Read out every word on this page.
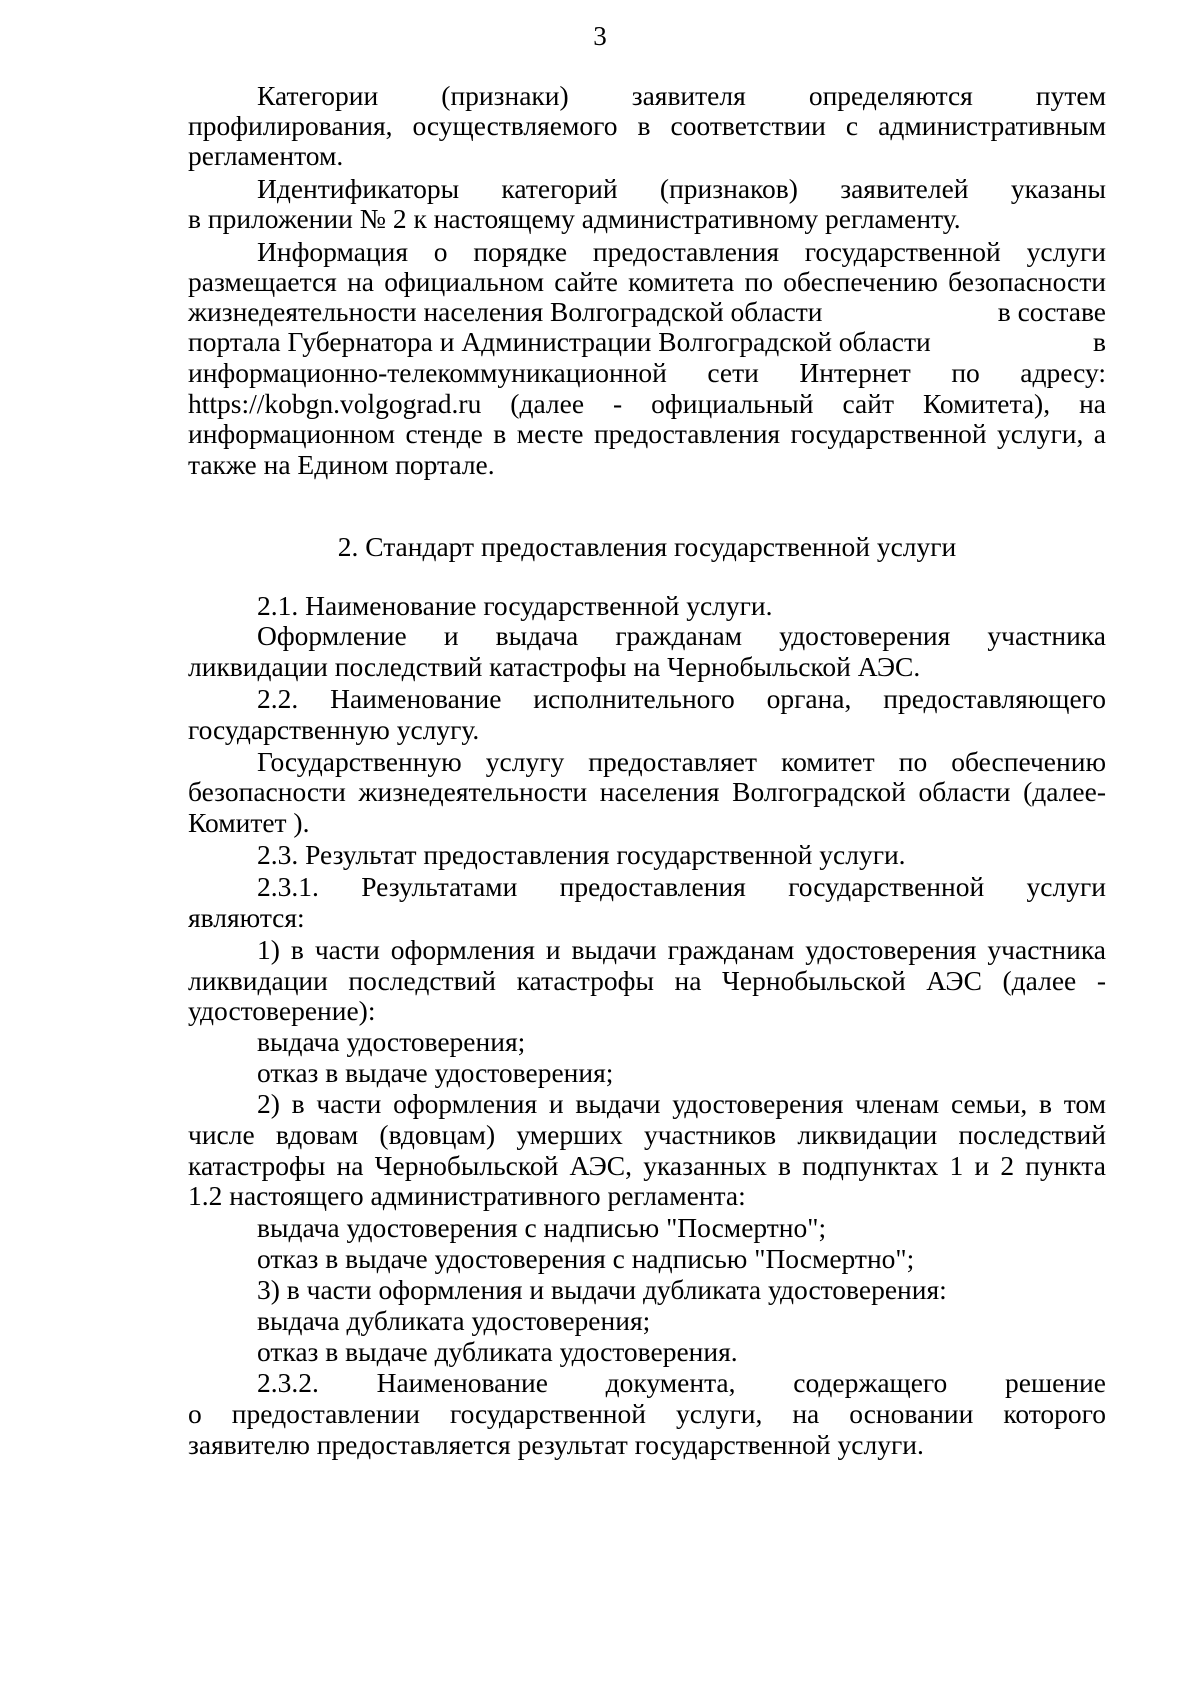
3
Категории (признаки) заявителя определяются путем
профилирования, осуществляемого в соответствии с административным
регламентом.
Идентификаторы категорий (признаков) заявителей указаны
в приложении № 2 к настоящему административному регламенту.
Информация о порядке предоставления государственной услуги
размещается на официальном сайте комитета по обеспечению безопасности
жизнедеятельности населения Волгоградской области	в составе
портала Губернатора и Администрации Волгоградской области	в
информационно-телекоммуникационной сети Интернет по адресу:
https://kobgn.volgograd.ru (далее - официальный сайт Комитета), на
информационном стенде в месте предоставления государственной услуги, а
также на Едином портале.
2. Стандарт предоставления государственной услуги
2.1. Наименование государственной услуги.
Оформление и выдача гражданам удостоверения участника
ликвидации последствий катастрофы на Чернобыльской АЭС.
2.2. Наименование исполнительного органа, предоставляющего
государственную услугу.
Государственную услугу предоставляет комитет по обеспечению
безопасности жизнедеятельности населения Волгоградской области (далее-
Комитет ).
2.3. Результат предоставления государственной услуги.
2.3.1. Результатами предоставления государственной услуги
являются:
1) в части оформления и выдачи гражданам удостоверения участника
ликвидации последствий катастрофы на Чернобыльской АЭС (далее -
удостоверение):
выдача удостоверения;
отказ в выдаче удостоверения;
2) в части оформления и выдачи удостоверения членам семьи, в том
числе вдовам (вдовцам) умерших участников ликвидации последствий
катастрофы на Чернобыльской АЭС, указанных в подпунктах 1 и 2 пункта
1.2 настоящего административного регламента:
выдача удостоверения с надписью "Посмертно";
отказ в выдаче удостоверения с надписью "Посмертно";
3) в части оформления и выдачи дубликата удостоверения:
выдача дубликата удостоверения;
отказ в выдаче дубликата удостоверения.
2.3.2. Наименование документа, содержащего решение
о предоставлении государственной услуги, на основании которого
заявителю предоставляется результат государственной услуги.
